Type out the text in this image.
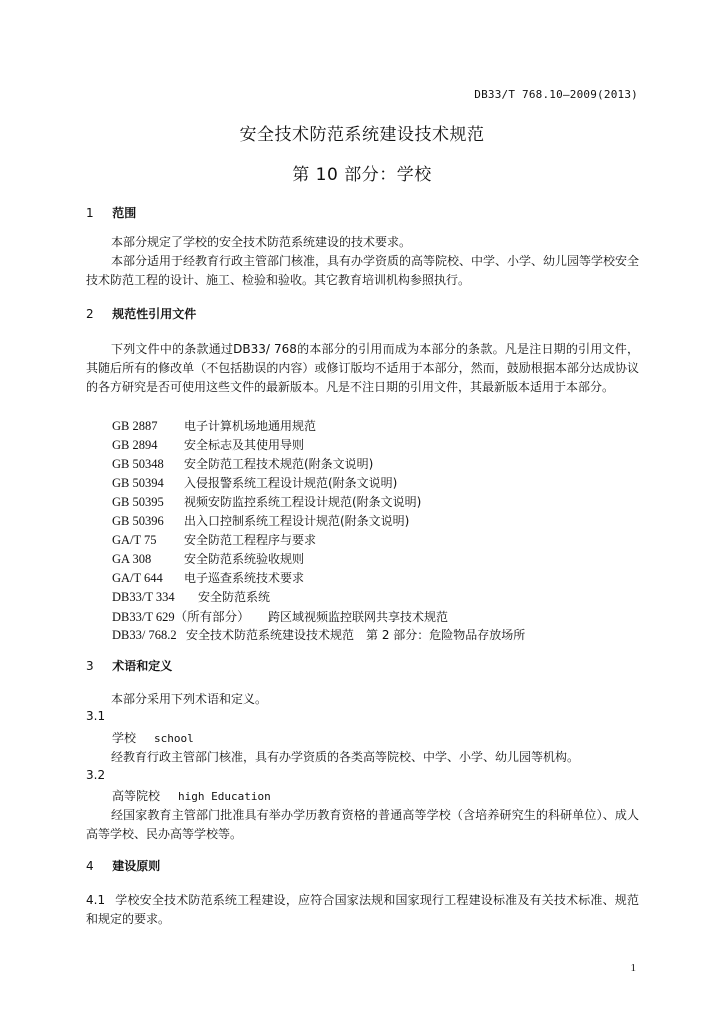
DB33/T 768.10—2009(2013)
安全技术防范系统建设技术规范
第 10 部分：学校
1 范围
本部分规定了学校的安全技术防范系统建设的技术要求。
本部分适用于经教育行政主管部门核准，具有办学资质的高等院校、中学、小学、幼儿园等学校安全技术防范工程的设计、施工、检验和验收。其它教育培训机构参照执行。
2 规范性引用文件
下列文件中的条款通过DB33/ 768的本部分的引用而成为本部分的条款。凡是注日期的引用文件，其随后所有的修改单（不包括勘误的内容）或修订版均不适用于本部分，然而，鼓励根据本部分达成协议的各方研究是否可使用这些文件的最新版本。凡是不注日期的引用文件，其最新版本适用于本部分。
GB 2887 电子计算机场地通用规范
GB 2894 安全标志及其使用导则
GB 50348 安全防范工程技术规范(附条文说明)
GB 50394 入侵报警系统工程设计规范(附条文说明)
GB 50395 视频安防监控系统工程设计规范(附条文说明)
GB 50396 出入口控制系统工程设计规范(附条文说明)
GA/T 75 安全防范工程程序与要求
GA 308	安全防范系统验收规则
GA/T 644 电子巡查系统技术要求
DB33/T 334 安全防范系统
DB33/T 629（所有部分） 跨区域视频监控联网共享技术规范
DB33/ 768.2 安全技术防范系统建设技术规范　第 2 部分：危险物品存放场所
3 术语和定义
本部分采用下列术语和定义。
3.1
学校 school
经教育行政主管部门核准，具有办学资质的各类高等院校、中学、小学、幼儿园等机构。
3.2
高等院校 high Education
经国家教育主管部门批准具有举办学历教育资格的普通高等学校（含培养研究生的科研单位）、成人高等学校、民办高等学校等。
4 建设原则
4.1 学校安全技术防范系统工程建设，应符合国家法规和国家现行工程建设标准及有关技术标准、规范和规定的要求。
1
